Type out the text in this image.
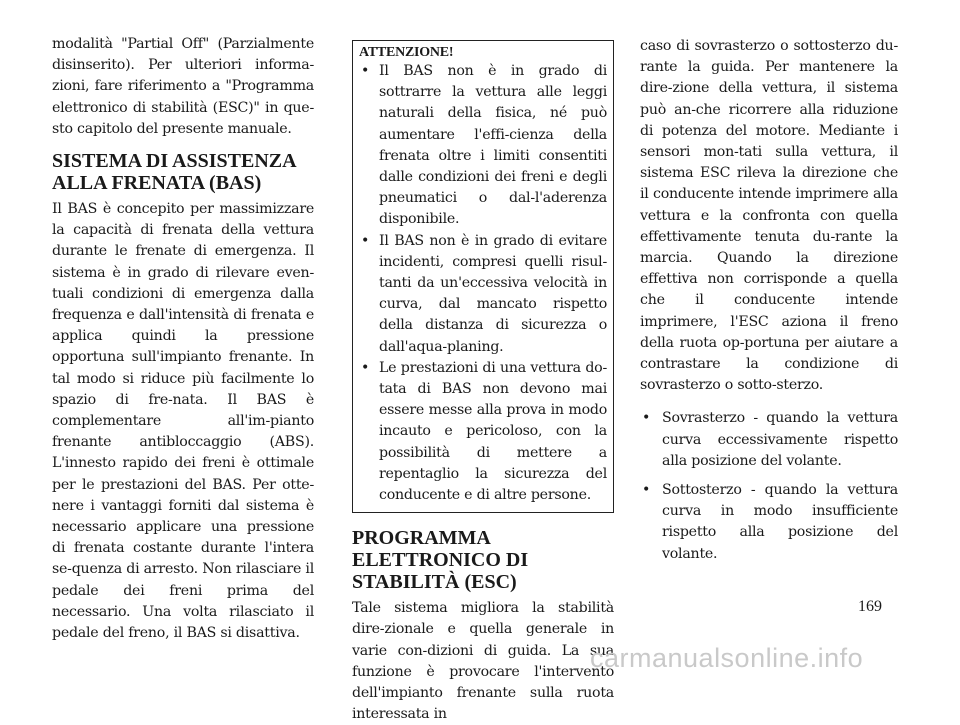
modalità "Partial Off" (Parzialmente disinserito). Per ulteriori informa-zioni, fare riferimento a "Programma elettronico di stabilità (ESC)" in que-sto capitolo del presente manuale.

SISTEMA DI ASSISTENZA
ALLA FRENATA (BAS)

Il BAS è concepito per massimizzare la capacità di frenata della vettura durante le frenate di emergenza. Il sistema è in grado di rilevare even-tuali condizioni di emergenza dalla frequenza e dall'intensità di frenata e applica quindi la pressione opportuna sull'impianto frenante. In tal modo si riduce più facilmente lo spazio di fre-nata. Il BAS è complementare all'im-pianto frenante antibloccaggio (ABS). L'innesto rapido dei freni è ottimale per le prestazioni del BAS. Per otte-nere i vantaggi forniti dal sistema è necessario applicare una pressione di frenata costante durante l'intera se-quenza di arresto. Non rilasciare il pedale dei freni prima del necessario. Una volta rilasciato il pedale del freno, il BAS si disattiva.

ATTENZIONE!
• Il BAS non è in grado di sottrarre la vettura alle leggi naturali della fisica, né può aumentare l'effi-cienza della frenata oltre i limiti consentiti dalle condizioni dei freni e degli pneumatici o dal-l'aderenza disponibile.
• Il BAS non è in grado di evitare incidenti, compresi quelli risul-tanti da un'eccessiva velocità in curva, dal mancato rispetto della distanza di sicurezza o dall'aqua-planing.
• Le prestazioni di una vettura do-tata di BAS non devono mai essere messe alla prova in modo incauto e pericoloso, con la possibilità di mettere a repentaglio la sicurezza del conducente e di altre persone.
PROGRAMMA
ELETTRONICO DI
STABILITÀ (ESC)

Tale sistema migliora la stabilità dire-zionale e quella generale in varie con-dizioni di guida. La sua funzione è provocare l'intervento dell'impianto frenante sulla ruota interessata in

caso di sovrasterzo o sottosterzo du-rante la guida. Per mantenere la dire-zione della vettura, il sistema può an-che ricorrere alla riduzione di potenza del motore. Mediante i sensori mon-tati sulla vettura, il sistema ESC rileva la direzione che il conducente intende imprimere alla vettura e la confronta con quella effettivamente tenuta du-rante la marcia. Quando la direzione effettiva non corrisponde a quella che il conducente intende imprimere, l'ESC aziona il freno della ruota op-portuna per aiutare a contrastare la condizione di sovrasterzo o sotto-sterzo.

• Sovrasterzo - quando la vettura curva eccessivamente rispetto alla posizione del volante.
• Sottosterzo - quando la vettura curva in modo insufficiente rispetto alla posizione del volante.
169
carmanualsonline.info
